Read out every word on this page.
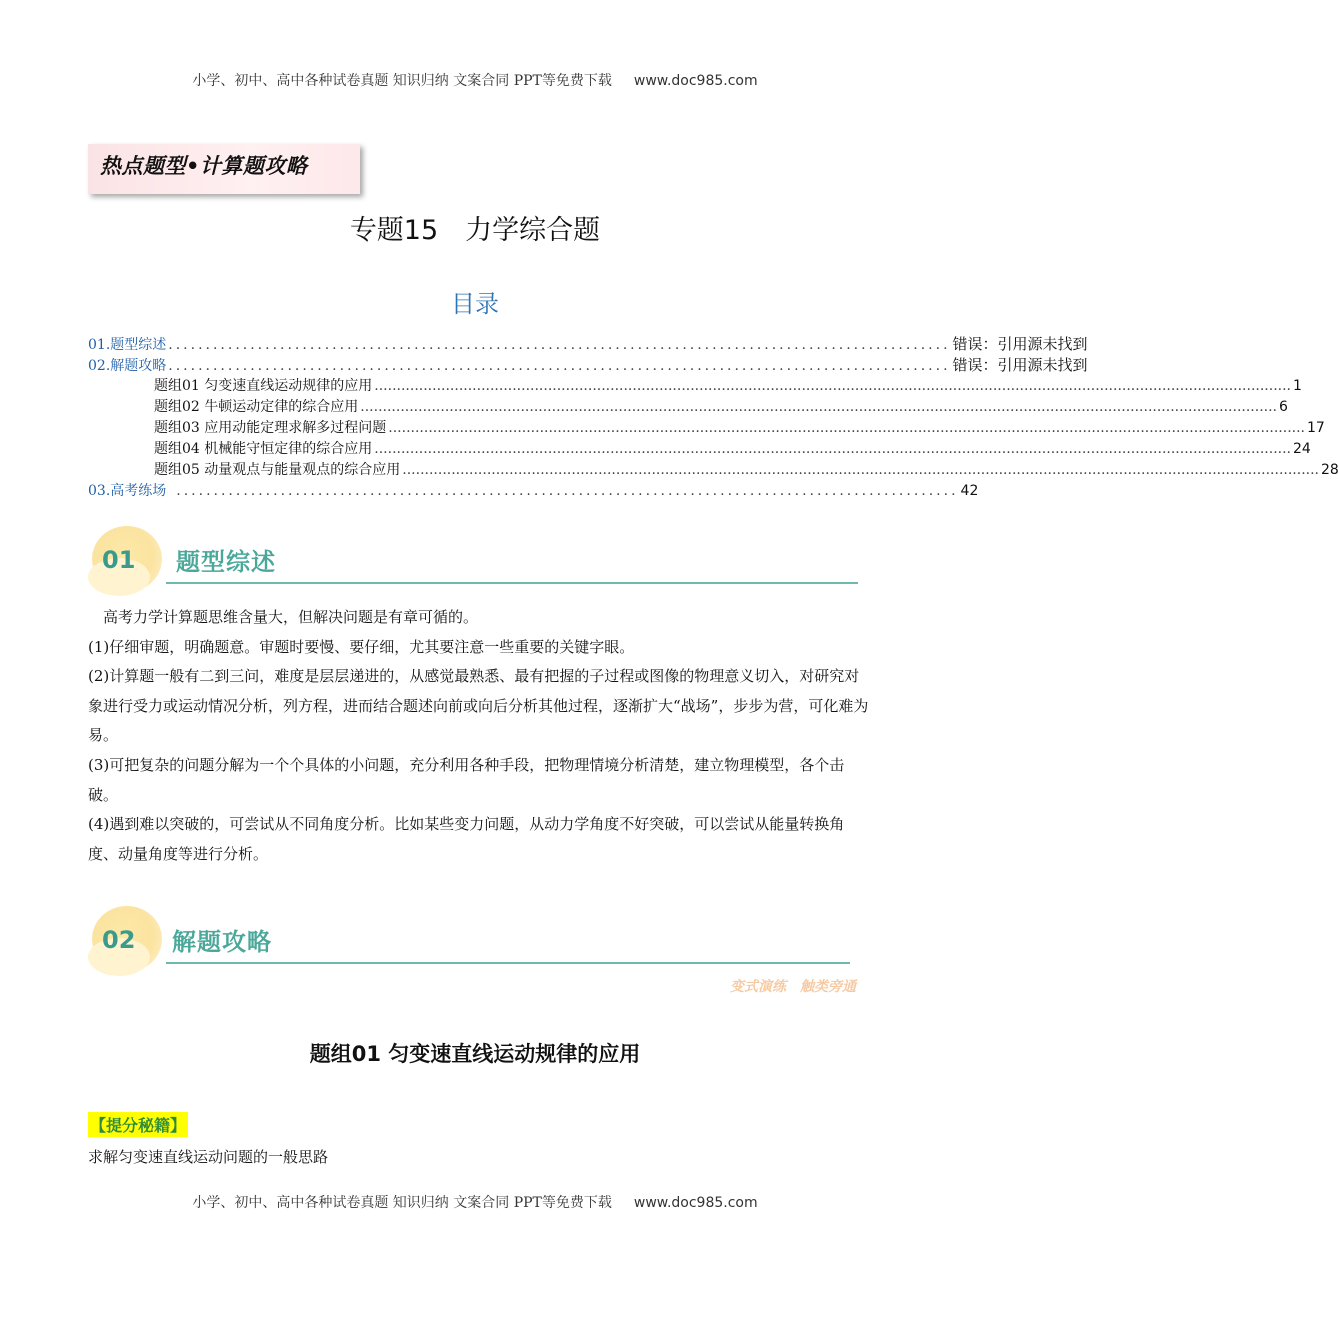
小学、初中、高中各种试卷真题 知识归纳 文案合同 PPT等免费下载 www.doc985.com
热点题型•计算题攻略
专题15　力学综合题
目录
01.题型综述 ......................................................................................................... 错误：引用源未找到
02.解题攻略 ......................................................................................................... 错误：引用源未找到
题组01 匀变速直线运动规律的应用 .............................................................................................................................................................................................................. 1
题组02 牛顿运动定律的综合应用 .............................................................................................................................................................................................................. 6
题组03 应用动能定理求解多过程问题 .............................................................................................................................................................................................................. 17
题组04 机械能守恒定律的综合应用 .............................................................................................................................................................................................................. 24
题组05 动量观点与能量观点的综合应用 .............................................................................................................................................................................................................. 28
03.高考练场 ......................................................................................................... 42
01 题型综述

高考力学计算题思维含量大，但解决问题是有章可循的。

(1)仔细审题，明确题意。审题时要慢、要仔细，尤其要注意一些重要的关键字眼。

(2)计算题一般有二到三问，难度是层层递进的，从感觉最熟悉、最有把握的子过程或图像的物理意义切入，对研究对象进行受力或运动情况分析，列方程，进而结合题述向前或向后分析其他过程，逐渐扩大“战场”，步步为营，可化难为易。

(3)可把复杂的问题分解为一个个具体的小问题，充分利用各种手段，把物理情境分析清楚，建立物理模型，各个击破。

(4)遇到难以突破的，可尝试从不同角度分析。比如某些变力问题，从动力学角度不好突破，可以尝试从能量转换角度、动量角度等进行分析。

02 解题攻略
变式演练 触类旁通
题组01 匀变速直线运动规律的应用
【提分秘籍】
求解匀变速直线运动问题的一般思路
小学、初中、高中各种试卷真题 知识归纳 文案合同 PPT等免费下载 www.doc985.com
